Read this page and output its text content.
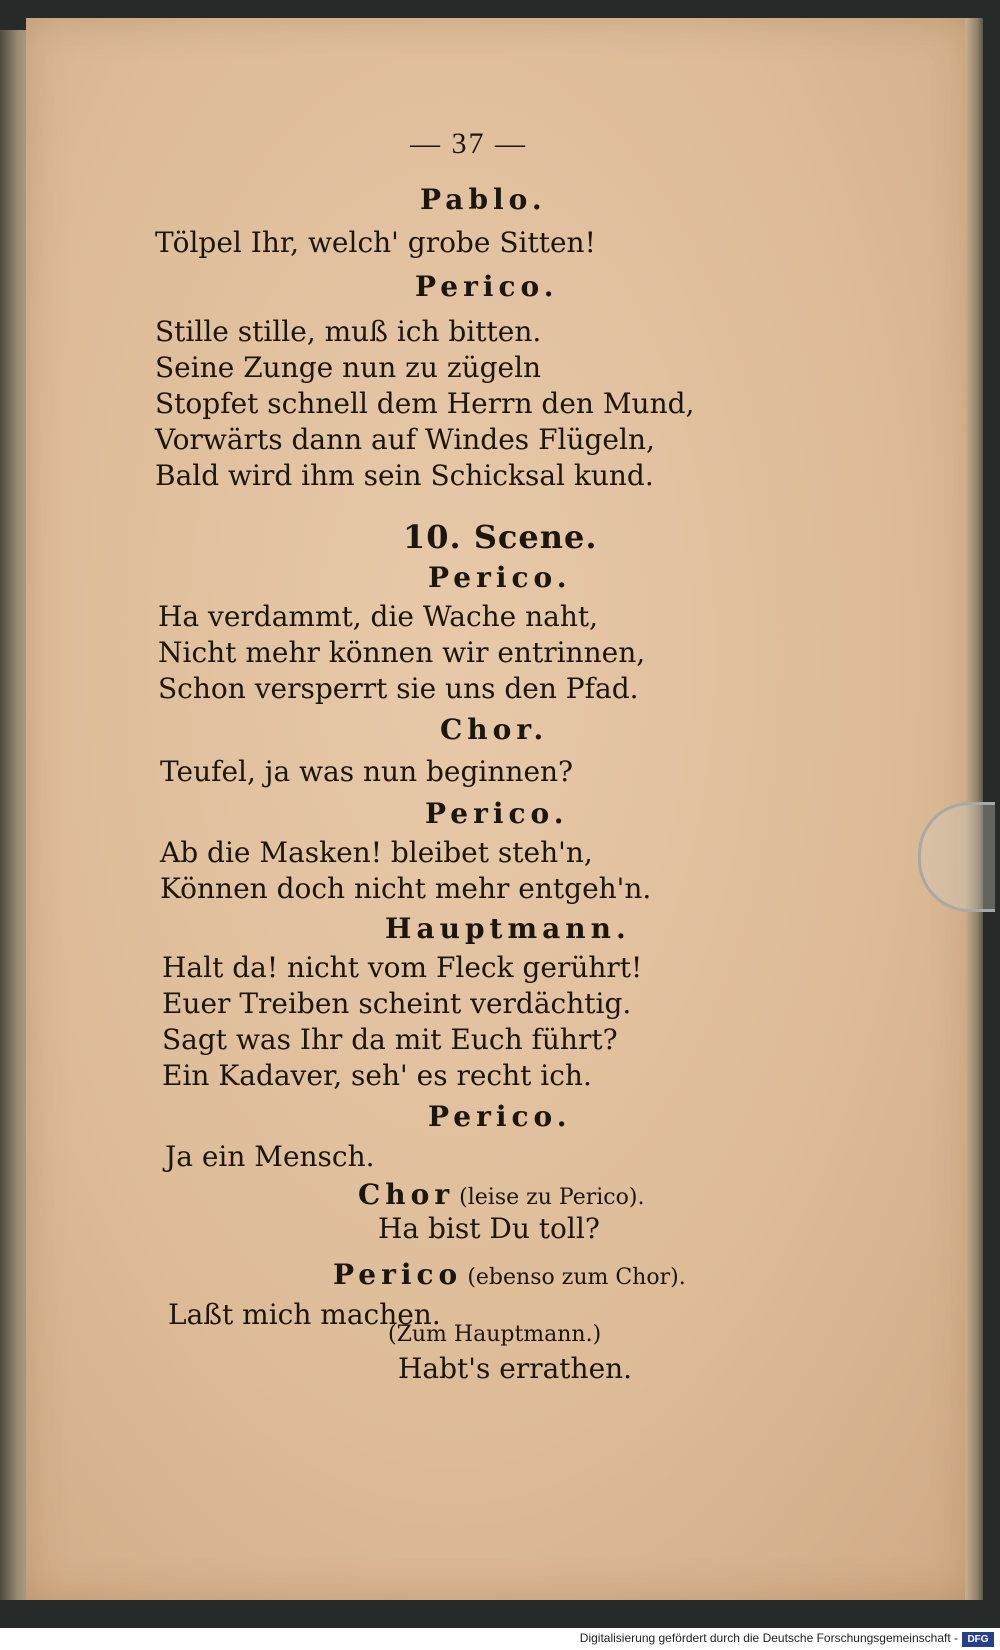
— 37 —
Pablo.
Tölpel Ihr, welch' grobe Sitten!
Perico.
Stille stille, muß ich bitten.
Seine Zunge nun zu zügeln
Stopfet schnell dem Herrn den Mund,
Vorwärts dann auf Windes Flügeln,
Bald wird ihm sein Schicksal kund.
10. Scene.
Perico.
Ha verdammt, die Wache naht,
Nicht mehr können wir entrinnen,
Schon versperrt sie uns den Pfad.
Chor.
Teufel, ja was nun beginnen?
Perico.
Ab die Masken! bleibet steh'n,
Können doch nicht mehr entgeh'n.
Hauptmann.
Halt da! nicht vom Fleck gerührt!
Euer Treiben scheint verdächtig.
Sagt was Ihr da mit Euch führt?
Ein Kadaver, seh' es recht ich.
Perico.
Ja ein Mensch.
Chor (leise zu Perico).
Ha bist Du toll?
Perico (ebenso zum Chor).
Laßt mich machen.
(Zum Hauptmann.)
Habt's errathen.
Digitalisierung gefördert durch die Deutsche Forschungsgemeinschaft - DFG
